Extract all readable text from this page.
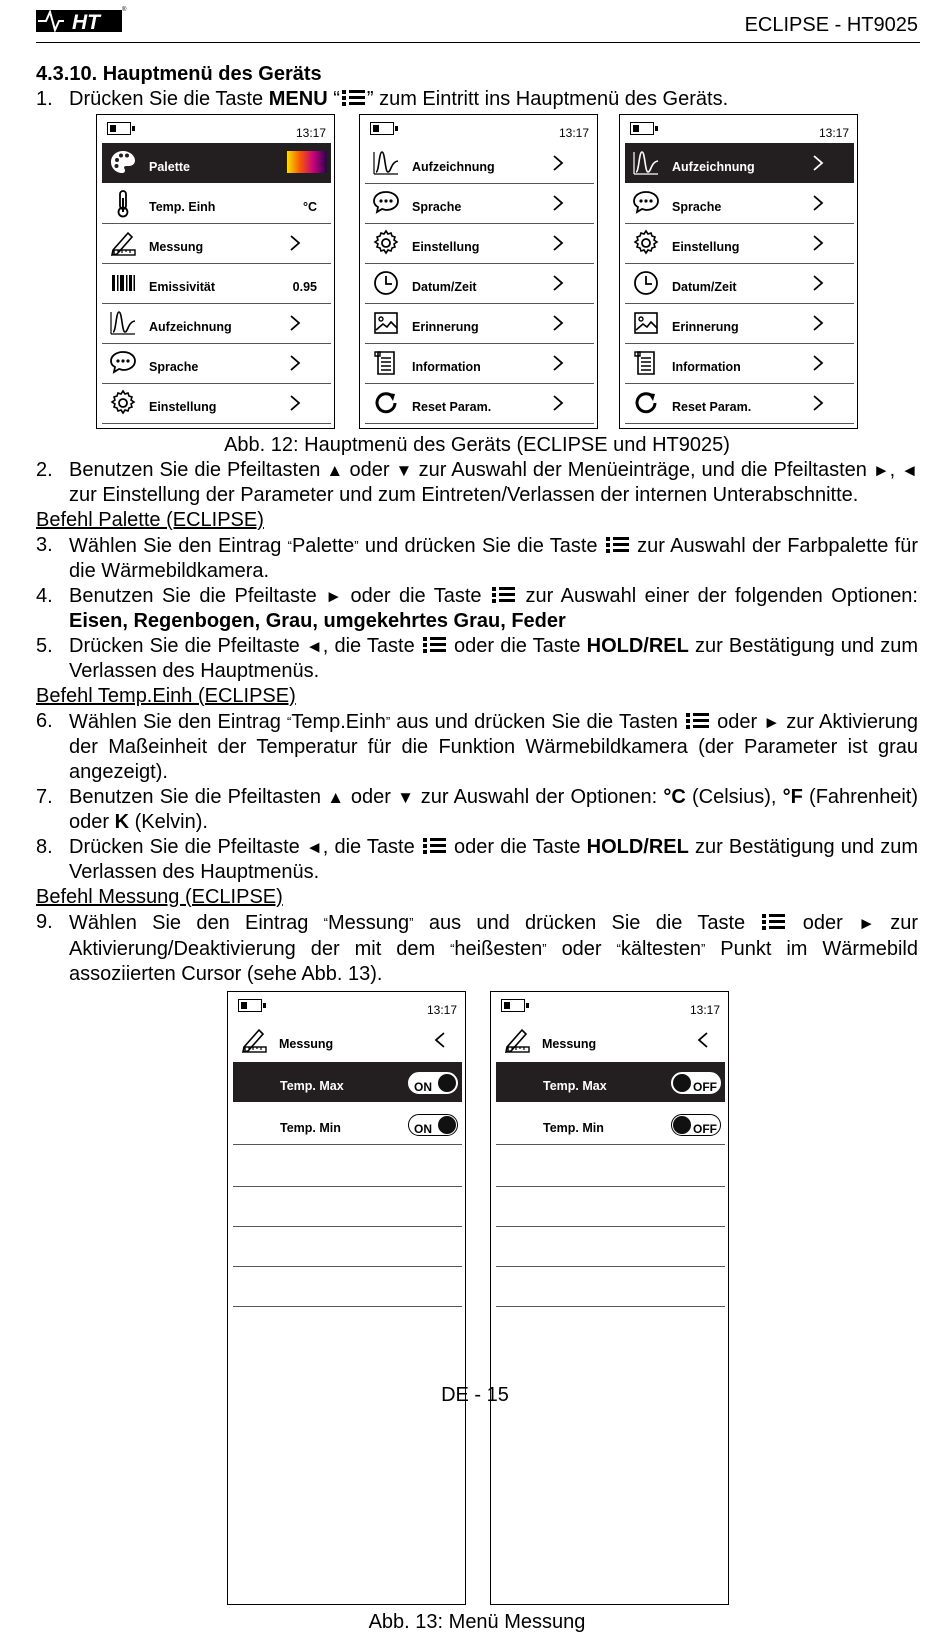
HT
®
ECLIPSE - HT9025
4.3.10. Hauptmenü des Geräts
1. Drücken Sie die Taste MENU “ ” zum Eintritt ins Hauptmenü des Geräts.
13:17
Palette
Temp. Einh	°C
Messung
Emissivität	0.95
Aufzeichnung
Sprache
Einstellung
13:17
Aufzeichnung
Sprache
Einstellung
Datum/Zeit
Erinnerung
Information
Reset Param.
13:17
Aufzeichnung
Sprache
Einstellung
Datum/Zeit
Erinnerung
Information
Reset Param.
Abb. 12: Hauptmenü des Geräts (ECLIPSE und HT9025)
2. Benutzen Sie die Pfeiltasten ▲ oder ▼ zur Auswahl der Menüeinträge, und die Pfeiltasten ►, ◄ zur Einstellung der Parameter und zum Eintreten/Verlassen der internen Unterabschnitte.
Befehl Palette (ECLIPSE)
3. Wählen Sie den Eintrag “Palette” und drücken Sie die Taste  zur Auswahl der Farbpalette für die Wärmebildkamera.
4. Benutzen Sie die Pfeiltaste ► oder die Taste  zur Auswahl einer der folgenden Optionen: Eisen, Regenbogen, Grau, umgekehrtes Grau, Feder
5. Drücken Sie die Pfeiltaste ◄, die Taste  oder die Taste HOLD/REL zur Bestätigung und zum Verlassen des Hauptmenüs.
Befehl Temp.Einh (ECLIPSE)
6. Wählen Sie den Eintrag “Temp.Einh” aus und drücken Sie die Tasten  oder ► zur Aktivierung der Maßeinheit der Temperatur für die Funktion Wärmebildkamera (der Parameter ist grau angezeigt).
7. Benutzen Sie die Pfeiltasten ▲ oder ▼ zur Auswahl der Optionen: °C (Celsius), °F (Fahrenheit) oder K (Kelvin).
8. Drücken Sie die Pfeiltaste ◄, die Taste  oder die Taste HOLD/REL zur Bestätigung und zum Verlassen des Hauptmenüs.
Befehl Messung (ECLIPSE)
9. Wählen Sie den Eintrag “Messung” aus und drücken Sie die Taste  oder ► zur Aktivierung/Deaktivierung der mit dem “heißesten” oder “kältesten” Punkt im Wärmebild assoziierten Cursor (sehe Abb. 13).
13:17
Messung
Temp. Max	ON
Temp. Min	ON
13:17
Messung
Temp. Max	OFF
Temp. Min	OFF
Abb. 13: Menü Messung
DE - 15
